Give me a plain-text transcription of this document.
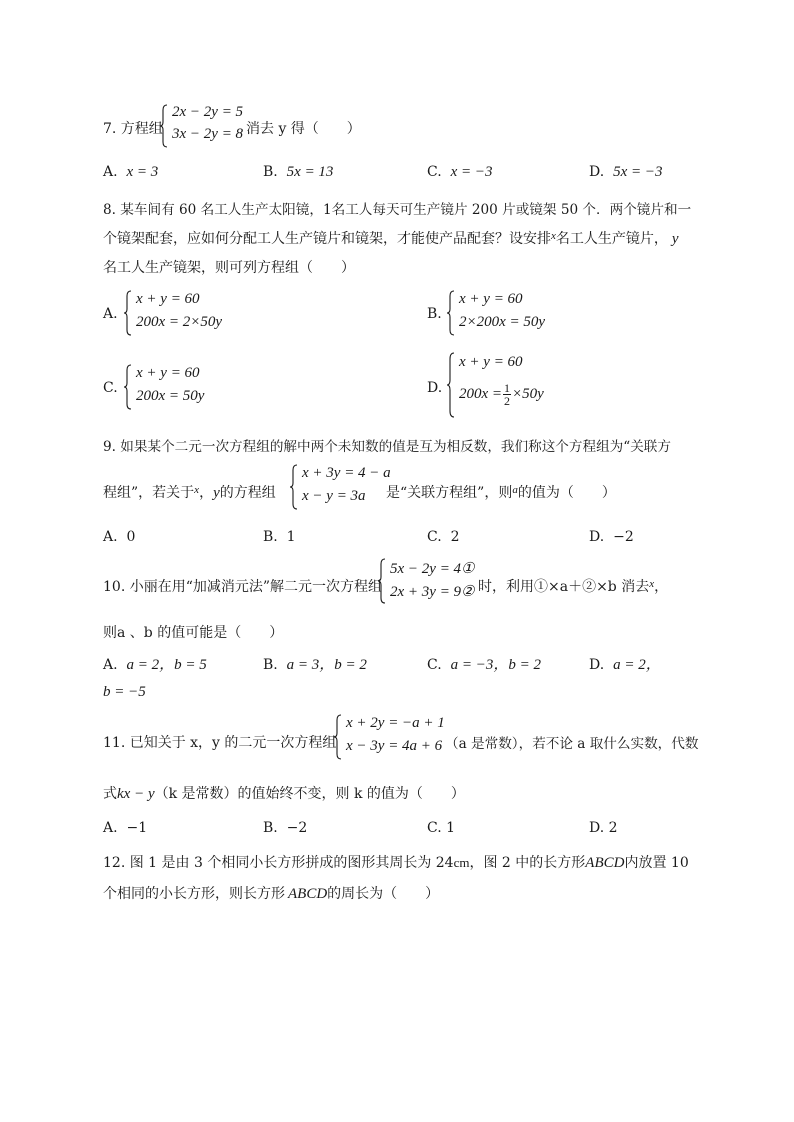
7. 方程组
2x − 2y = 5
3x − 2y = 8 消去 y 得（　　）
A. x = 3	B. 5x = 13	C. x = −3	D. 5x = −3
8. 某车间有 60 名工人生产太阳镜，1名工人每天可生产镜片 200 片或镜架 50 个．两个镜片和一
个镜架配套，应如何分配工人生产镜片和镜架，才能使产品配套？设安排$^x$名工人生产镜片， y
名工人生产镜架，则可列方程组（　　）
A.
x + y = 60
200x = 2×50y	B.
x + y = 60
2×200x = 50y
C.
x + y = 60
200x = 50y	D.
x + y = 60
$200x = \frac{1}{2} \times 50y$
9. 如果某个二元一次方程组的解中两个未知数的值是互为相反数，我们称这个方程组为“关联方
程组”，若关于$^x$，y的方程组
x + 3y = 4 − a
x − y = 3a 是“关联方程组”，则$^a$的值为（　　）
A. 0	B. 1	C. 2	D. −2
10. 小丽在用“加减消元法”解二元一次方程组
5x − 2y = 4①
2x + 3y = 9② 时，利用①×a＋②×b 消去$^x$，
则a 、b 的值可能是（　　）
A. a = 2，b = 5	B. a = 3，b = 2	C. a = −3，b = 2	D. a = 2，
b = −5
11. 已知关于 x，y 的二元一次方程组
x + 2y = −a + 1
x − 3y = 4a + 6 （a 是常数），若不论 a 取什么实数，代数
式kx − y（k 是常数）的值始终不变，则 k 的值为（　　）
A. −1	B. −2	C. 1	D. 2
12. 图 1 是由 3 个相同小长方形拼成的图形其周长为 24cm，图 2 中的长方形ABCD内放置 10
个相同的小长方形，则长方形 ABCD的周长为（　　）
